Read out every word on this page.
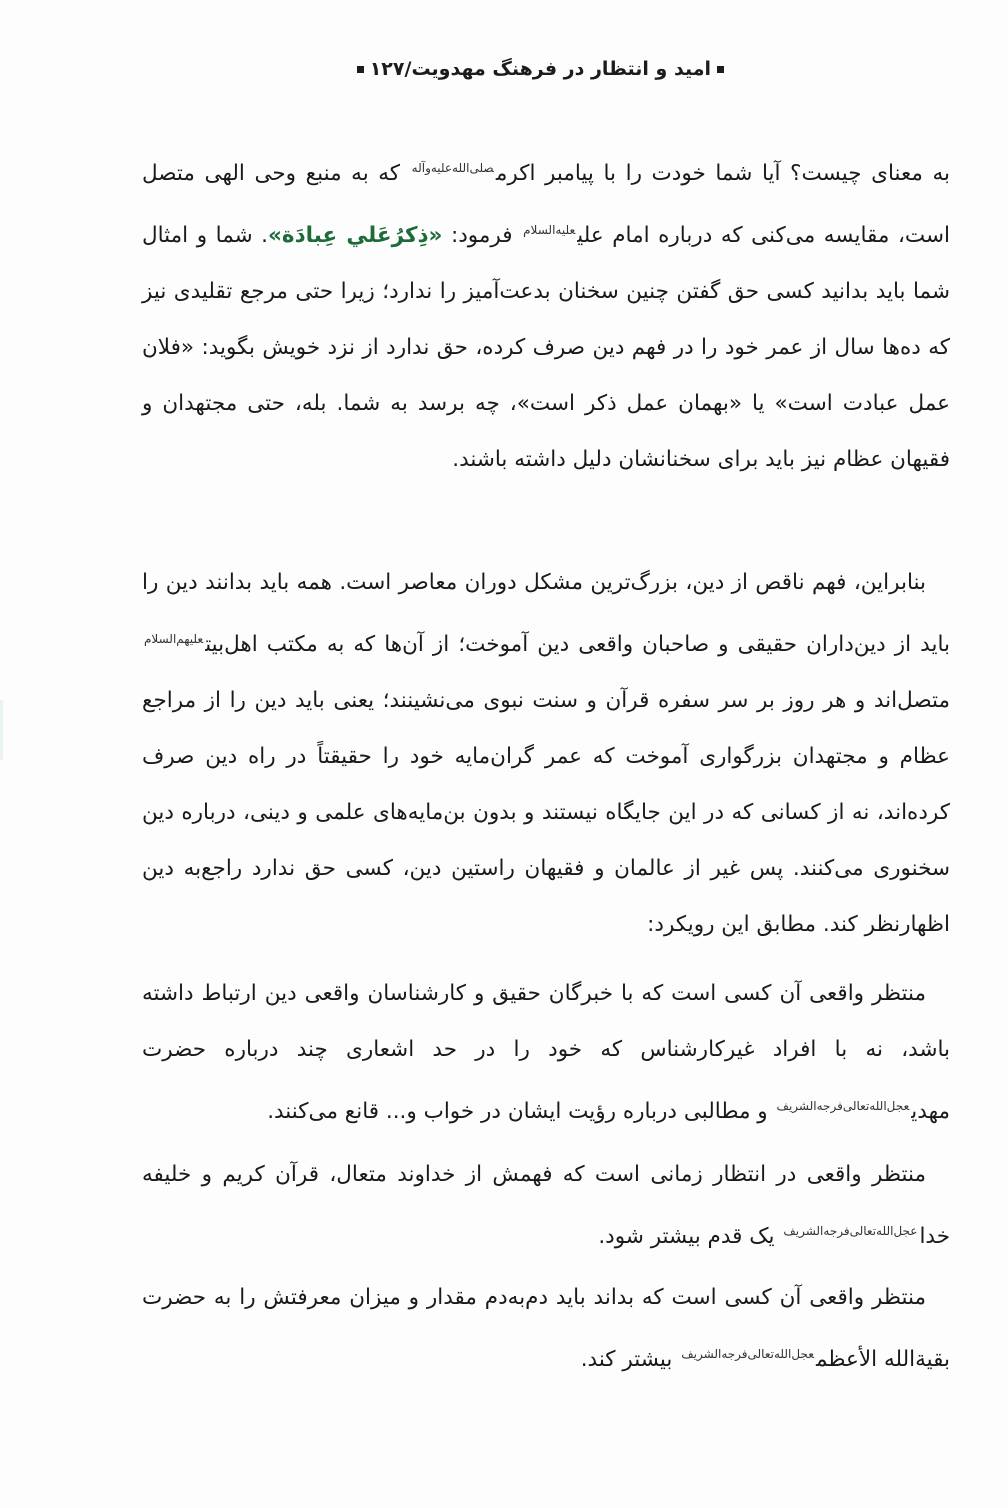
امید و انتظار در فرهنگ مهدویت/۱۲۷

به معنای چیست؟ آیا شما خودت را با پیامبر اکرم$^{صلی‌الله‌علیه‌وآله}$ که به منبع وحی الهی متصل است، مقایسه می‌کنی که درباره امام علی$^{علیه‌السلام}$ فرمود: «ذِکرُعَلي عِبادَة». شما و امثال شما باید بدانید کسی حق گفتن چنین سخنان بدعت‌آمیز را ندارد؛ زیرا حتی مرجع تقلیدی نیز که ده‌ها سال از عمر خود را در فهم دین صرف کرده، حق ندارد از نزد خویش بگوید: «فلان عمل عبادت است» یا «بهمان عمل ذکر است»، چه برسد به شما. بله، حتی مجتهدان و فقیهان عظام نیز باید برای سخنانشان دلیل داشته باشند.

بنابراین، فهم ناقص از دین، بزرگ‌ترین مشکل دوران معاصر است. همه باید بدانند دین را باید از دین‌داران حقیقی و صاحبان واقعی دین آموخت؛ از آن‌ها که به مکتب اهل‌بیت$^{علیهم‌السلام}$ متصل‌اند و هر روز بر سر سفره قرآن و سنت نبوی می‌نشینند؛ یعنی باید دین را از مراجع عظام و مجتهدان بزرگواری آموخت که عمر گران‌مایه خود را حقیقتاً در راه دین صرف کرده‌اند، نه از کسانی که در این جایگاه نیستند و بدون بن‌مایه‌های علمی و دینی، درباره دین سخنوری می‌کنند. پس غیر از عالمان و فقیهان راستین دین، کسی حق ندارد راجع‌به دین اظهارنظر کند. مطابق این رویکرد:

منتظر واقعی آن کسی است که با خبرگان حقیق و کارشناسان واقعی دین ارتباط داشته باشد، نه با افراد غیرکارشناس که خود را در حد اشعاری چند درباره حضرت مهدی$^{عجل‌الله‌تعالی‌فرجه‌الشریف}$ و مطالبی درباره رؤیت ایشان در خواب و... قانع می‌کنند.

منتظر واقعی در انتظار زمانی است که فهمش از خداوند متعال، قرآن کریم و خلیفه خدا$^{عجل‌الله‌تعالی‌فرجه‌الشریف}$ یک قدم بیشتر شود.

منتظر واقعی آن کسی است که بداند باید دم‌به‌دم مقدار و میزان معرفتش را به حضرت بقیة‌الله الأعظم$^{عجل‌الله‌تعالی‌فرجه‌الشریف}$ بیشتر کند.
